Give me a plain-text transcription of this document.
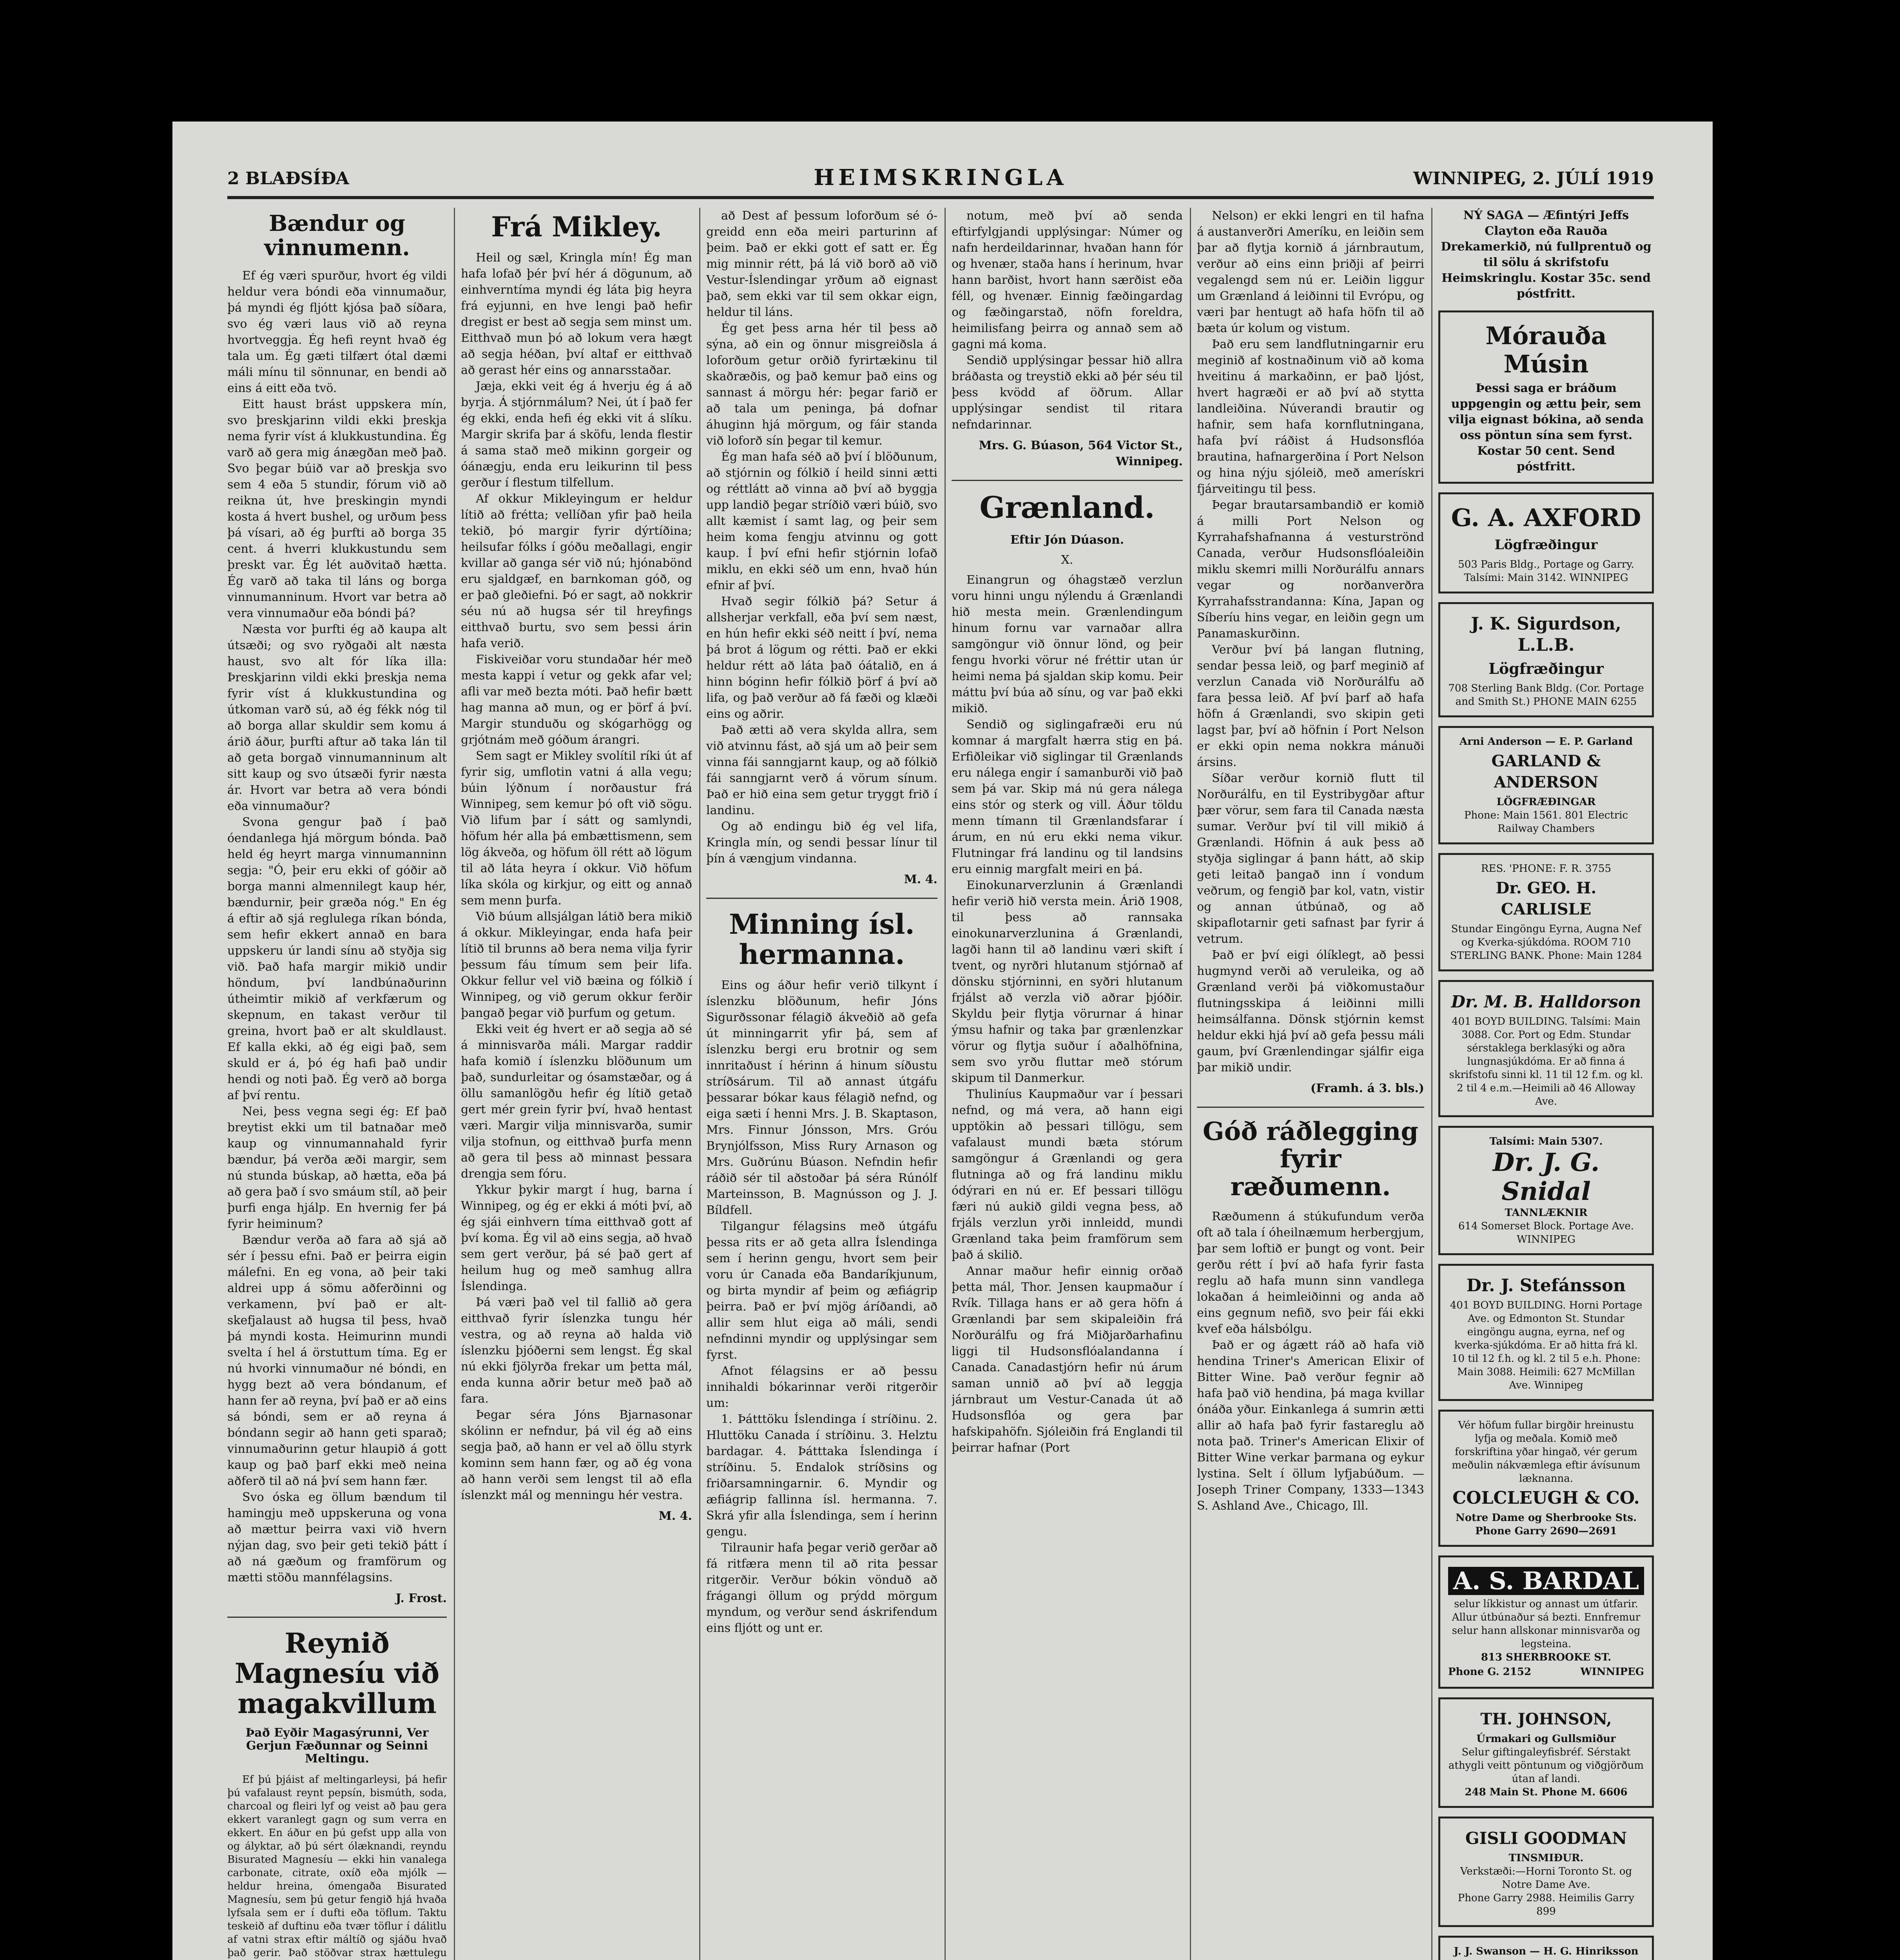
2 BLAÐSÍÐA	HEIMSKRINGLA	WINNIPEG, 2. JÚLÍ 1919
Bændur og vinnumenn.

Ef ég væri spurður, hvort ég vildi heldur vera bóndi eða vinnumaður, þá myndi ég fljótt kjósa það síðara, svo ég væri laus við að reyna hvortveggja. Ég hefi reynt hvað ég tala um. Ég gæti tilfært ótal dæmi máli mínu til sönnunar, en bendi að eins á eitt eða tvö.

Eitt haust brást uppskera mín, svo þreskjarinn vildi ekki þreskja nema fyrir víst á klukkustundina. Ég varð að gera mig ánægðan með það. Svo þegar búið var að þreskja svo sem 4 eða 5 stundir, fórum við að reikna út, hve þreskingin myndi kosta á hvert bushel, og urðum þess þá vísari, að ég þurfti að borga 35 cent. á hverri klukkustundu sem þreskt var. Ég lét auðvitað hætta. Ég varð að taka til láns og borga vinnumanninum. Hvort var betra að vera vinnumaður eða bóndi þá?

Næsta vor þurfti ég að kaupa alt útsæði; og svo ryðgaði alt næsta haust, svo alt fór líka illa: Þreskjarinn vildi ekki þreskja nema fyrir víst á klukkustundina og útkoman varð sú, að ég fékk nóg til að borga allar skuldir sem komu á árið áður, þurfti aftur að taka lán til að geta borgað vinnumanninum alt sitt kaup og svo útsæði fyrir næsta ár. Hvort var betra að vera bóndi eða vinnumaður?

Svona gengur það í það óendanlega hjá mörgum bónda. Það held ég heyrt marga vinnumanninn segja: "Ó, þeir eru ekki of góðir að borga manni almennilegt kaup hér, bændurnir, þeir græða nóg." En ég á eftir að sjá reglulega ríkan bónda, sem hefir ekkert annað en bara uppskeru úr landi sínu að styðja sig við. Það hafa margir mikið undir höndum, því landbúnaðurinn útheimtir mikið af verkfærum og skepnum, en takast verður til greina, hvort það er alt skuldlaust. Ef kalla ekki, að ég eigi það, sem skuld er á, þó ég hafi það undir hendi og noti það. Ég verð að borga af því rentu.

Nei, þess vegna segi ég: Ef það breytist ekki um til batnaðar með kaup og vinnumannahald fyrir bændur, þá verða æði margir, sem nú stunda búskap, að hætta, eða þá að gera það í svo smáum stíl, að þeir þurfi enga hjálp. En hvernig fer þá fyrir heiminum?

Bændur verða að fara að sjá að sér í þessu efni. Það er þeirra eigin málefni. En eg vona, að þeir taki aldrei upp á sömu aðferðinni og verkamenn, því það er alt-skefjalaust að hugsa til þess, hvað þá myndi kosta. Heimurinn mundi svelta í hel á örstuttum tíma. Eg er nú hvorki vinnumaður né bóndi, en hygg bezt að vera bóndanum, ef hann fer að reyna, því það er að eins sá bóndi, sem er að reyna á bóndann segir að hann geti sparað; vinnumaðurinn getur hlaupið á gott kaup og það þarf ekki með neina aðferð til að ná því sem hann fær.

Svo óska eg öllum bændum til hamingju með uppskeruna og vona að mættur þeirra vaxi við hvern nýjan dag, svo þeir geti tekið þátt í að ná gæðum og framförum og mætti stöðu mannfélagsins.

J. Frost.
Reynið Magnesíu við magakvillum
Það Eyðir Magasýrunni, Ver Gerjun Fæðunnar og Seinni Meltingu.

Ef þú þjáist af meltingarleysi, þá hefir þú vafalaust reynt pepsín, bismúth, soda, charcoal og fleiri lyf og veist að þau gera ekkert varanlegt gagn og sum verra en ekkert. En áður en þú gefst upp alla von og ályktar, að þú sért ólæknandi, reyndu Bisurated Magnesíu — ekki hin vanalega carbonate, citrate, oxíð eða mjólk — heldur hreina, ómengaða Bisurated Magnesíu, sem þú getur fengið hjá hvaða lyfsala sem er í dufti eða töflum. Taktu teskeið af duftinu eða tvær töflur í dálitlu af vatni strax eftir máltíð og sjáðu hvað það gerir. Það stöðvar strax hættulegu

Frá Mikley.

Heil og sæl, Kringla mín! Ég man hafa lofað þér því hér á dögunum, að einhverntíma myndi ég láta þig heyra frá eyjunni, en hve lengi það hefir dregist er best að segja sem minst um. Eitthvað mun þó að lokum vera hægt að segja héðan, því altaf er eitthvað að gerast hér eins og annarsstaðar.

Jæja, ekki veit ég á hverju ég á að byrja. Á stjórnmálum? Nei, út í það fer ég ekki, enda hefi ég ekki vit á slíku. Margir skrifa þar á sköfu, lenda flestir á sama stað með mikinn gorgeir og óánægju, enda eru leikurinn til þess gerður í flestum tilfellum.

Af okkur Mikleyingum er heldur lítið að frétta; vellíðan yfir það heila tekið, þó margir fyrir dýrtíðina; heilsufar fólks í góðu meðallagi, engir kvillar að ganga sér við nú; hjónabönd eru sjaldgæf, en barnkoman góð, og er það gleðiefni. Þó er sagt, að nokkrir séu nú að hugsa sér til hreyfings eitthvað burtu, svo sem þessi árin hafa verið.

Fiskiveiðar voru stundaðar hér með mesta kappi í vetur og gekk afar vel; afli var með bezta móti. Það hefir bætt hag manna að mun, og er þörf á því. Margir stunduðu og skógarhögg og grjótnám með góðum árangri.

Sem sagt er Mikley svolítil ríki út af fyrir sig, umflotin vatni á alla vegu; búin lýðnum í norðaustur frá Winnipeg, sem kemur þó oft við sögu. Við lifum þar í sátt og samlyndi, höfum hér alla þá embættismenn, sem lög ákveða, og höfum öll rétt að lögum til að láta heyra í okkur. Við höfum líka skóla og kirkjur, og eitt og annað sem menn þurfa.

Við búum allsjálgan látið bera mikið á okkur. Mikleyingar, enda hafa þeir lítið til brunns að bera nema vilja fyrir þessum fáu tímum sem þeir lifa. Okkur fellur vel við bæina og fólkið í Winnipeg, og við gerum okkur ferðir þangað þegar við þurfum og getum.

Ekki veit ég hvert er að segja að sé á minnisvarða máli. Margar raddir hafa komið í íslenzku blöðunum um það, sundurleitar og ósamstæðar, og á öllu samanlögðu hefir ég lítið getað gert mér grein fyrir því, hvað hentast væri. Margir vilja minnisvarða, sumir vilja stofnun, og eitthvað þurfa menn að gera til þess að minnast þessara drengja sem fóru.

Ykkur þykir margt í hug, barna í Winnipeg, og ég er ekki á móti því, að ég sjái einhvern tíma eitthvað gott af því koma. Ég vil að eins segja, að hvað sem gert verður, þá sé það gert af heilum hug og með samhug allra Íslendinga.

Þá væri það vel til fallið að gera eitthvað fyrir íslenzka tungu hér vestra, og að reyna að halda við íslenzku þjóðerni sem lengst. Ég skal nú ekki fjölyrða frekar um þetta mál, enda kunna aðrir betur með það að fara.

Þegar séra Jóns Bjarnasonar skólinn er nefndur, þá vil ég að eins segja það, að hann er vel að öllu styrk kominn sem hann fær, og að ég vona að hann verði sem lengst til að efla íslenzkt mál og menningu hér vestra.

M. 4.

að Dest af þessum loforðum sé ó-greidd enn eða meiri parturinn af þeim. Það er ekki gott ef satt er. Ég mig minnir rétt, þá lá við borð að við Vestur-Íslendingar yrðum að eignast það, sem ekki var til sem okkar eign, heldur til láns.

Ég get þess arna hér til þess að sýna, að ein og önnur misgreiðsla á loforðum getur orðið fyrirtækinu til skaðræðis, og það kemur það eins og sannast á mörgu hér: þegar farið er að tala um peninga, þá dofnar áhuginn hjá mörgum, og fáir standa við loforð sín þegar til kemur.

Ég man hafa séð að því í blöðunum, að stjórnin og fólkið í heild sinni ætti og réttlátt að vinna að því að byggja upp landið þegar stríðið væri búið, svo allt kæmist í samt lag, og þeir sem heim koma fengju atvinnu og gott kaup. Í því efni hefir stjórnin lofað miklu, en ekki séð um enn, hvað hún efnir af því.

Hvað segir fólkið þá? Setur á allsherjar verkfall, eða því sem næst, en hún hefir ekki séð neitt í því, nema þá brot á lögum og rétti. Það er ekki heldur rétt að láta það óátalið, en á hinn bóginn hefir fólkið þörf á því að lifa, og það verður að fá fæði og klæði eins og aðrir.

Það ætti að vera skylda allra, sem við atvinnu fást, að sjá um að þeir sem vinna fái sanngjarnt kaup, og að fólkið fái sanngjarnt verð á vörum sínum. Það er hið eina sem getur tryggt frið í landinu.

Og að endingu bið ég vel lifa, Kringla mín, og sendi þessar línur til þín á vængjum vindanna.

M. 4.
Minning ísl. hermanna.

Eins og áður hefir verið tilkynt í íslenzku blöðunum, hefir Jóns Sigurðssonar félagið ákveðið að gefa út minningarrit yfir þá, sem af íslenzku bergi eru brotnir og sem innritaðust í hérinn á hinum síðustu stríðsárum. Til að annast útgáfu þessarar bókar kaus félagið nefnd, og eiga sæti í henni Mrs. J. B. Skaptason, Mrs. Finnur Jónsson, Mrs. Gróu Brynjólfsson, Miss Rury Arnason og Mrs. Guðrúnu Búason. Nefndin hefir ráðið sér til aðstoðar þá séra Rúnólf Marteinsson, B. Magnússon og J. J. Bíldfell.

Tilgangur félagsins með útgáfu þessa rits er að geta allra Íslendinga sem í herinn gengu, hvort sem þeir voru úr Canada eða Bandaríkjunum, og birta myndir af þeim og æfiágrip þeirra. Það er því mjög áríðandi, að allir sem hlut eiga að máli, sendi nefndinni myndir og upplýsingar sem fyrst.

Afnot félagsins er að þessu innihaldi bókarinnar verði ritgerðir um:

1. Þátttöku Íslendinga í stríðinu. 2. Hluttöku Canada í stríðinu. 3. Helztu bardagar. 4. Þátttaka Íslendinga í stríðinu. 5. Endalok stríðsins og friðarsamningarnir. 6. Myndir og æfiágrip fallinna ísl. hermanna. 7. Skrá yfir alla Íslendinga, sem í herinn gengu.

Tilraunir hafa þegar verið gerðar að fá ritfæra menn til að rita þessar ritgerðir. Verður bókin vönduð að frágangi öllum og prýdd mörgum myndum, og verður send áskrifendum eins fljótt og unt er.

notum, með því að senda eftirfylgjandi upplýsingar: Númer og nafn herdeildarinnar, hvaðan hann fór og hvenær, staða hans í herinum, hvar hann barðist, hvort hann særðist eða féll, og hvenær. Einnig fæðingardag og fæðingarstað, nöfn foreldra, heimilisfang þeirra og annað sem að gagni má koma.

Sendið upplýsingar þessar hið allra bráðasta og treystið ekki að þér séu til þess kvödd af öðrum. Allar upplýsingar sendist til ritara nefndarinnar.

Mrs. G. Búason, 564 Victor St., Winnipeg.
Grænland.
Eftir Jón Dúason.
X.

Einangrun og óhagstæð verzlun voru hinni ungu nýlendu á Grænlandi hið mesta mein. Grænlendingum hinum fornu var varnaðar allra samgöngur við önnur lönd, og þeir fengu hvorki vörur né fréttir utan úr heimi nema þá sjaldan skip komu. Þeir máttu því búa að sínu, og var það ekki mikið.

Sendið og siglingafræði eru nú komnar á margfalt hærra stig en þá. Erfiðleikar við siglingar til Grænlands eru nálega engir í samanburði við það sem þá var. Skip má nú gera nálega eins stór og sterk og vill. Áður töldu menn tímann til Grænlandsfarar í árum, en nú eru ekki nema vikur. Flutningar frá landinu og til landsins eru einnig margfalt meiri en þá.

Einokunarverzlunin á Grænlandi hefir verið hið versta mein. Árið 1908, til þess að rannsaka einokunarverzlunina á Grænlandi, lagði hann til að landinu væri skift í tvent, og nyrðri hlutanum stjórnað af dönsku stjórninni, en syðri hlutanum frjálst að verzla við aðrar þjóðir. Skyldu þeir flytja vörurnar á hinar ýmsu hafnir og taka þar grænlenzkar vörur og flytja suður í aðalhöfnina, sem svo yrðu fluttar með stórum skipum til Danmerkur.

Thuliníus Kaupmaður var í þessari nefnd, og má vera, að hann eigi upptökin að þessari tillögu, sem vafalaust mundi bæta stórum samgöngur á Grænlandi og gera flutninga að og frá landinu miklu ódýrari en nú er. Ef þessari tillögu færi nú aukið gildi vegna þess, að frjáls verzlun yrði innleidd, mundi Grænland taka þeim framförum sem það á skilið.

Annar maður hefir einnig orðað þetta mál, Thor. Jensen kaupmaður í Rvík. Tillaga hans er að gera höfn á Grænlandi þar sem skipaleiðin frá Norðurálfu og frá Miðjarðarhafinu liggi til Hudsonsflóalandanna í Canada. Canadastjórn hefir nú árum saman unnið að því að leggja járnbraut um Vestur-Canada út að Hudsonsflóa og gera þar hafskipahöfn. Sjóleiðin frá Englandi til þeirrar hafnar (Port

Nelson) er ekki lengri en til hafna á austanverðri Ameríku, en leiðin sem þar að flytja kornið á járnbrautum, verður að eins einn þriðji af þeirri vegalengd sem nú er. Leiðin liggur um Grænland á leiðinni til Evrópu, og væri þar hentugt að hafa höfn til að bæta úr kolum og vistum.

Það eru sem landflutningarnir eru meginið af kostnaðinum við að koma hveitinu á markaðinn, er það ljóst, hvert hagræði er að því að stytta landleiðina. Núverandi brautir og hafnir, sem hafa kornflutningana, hafa því ráðist á Hudsonsflóa brautina, hafnargerðina í Port Nelson og hina nýju sjóleið, með amerískri fjárveitingu til þess.

Þegar brautarsambandið er komið á milli Port Nelson og Kyrrahafshafnanna á vesturströnd Canada, verður Hudsonsflóaleiðin miklu skemri milli Norðurálfu annars vegar og norðanverðra Kyrrahafsstrandanna: Kína, Japan og Síberíu hins vegar, en leiðin gegn um Panamaskurðinn.

Verður því þá langan flutning, sendar þessa leið, og þarf meginið af verzlun Canada við Norðurálfu að fara þessa leið. Af því þarf að hafa höfn á Grænlandi, svo skipin geti lagst þar, því að höfnin í Port Nelson er ekki opin nema nokkra mánuði ársins.

Síðar verður kornið flutt til Norðurálfu, en til Eystribygðar aftur þær vörur, sem fara til Canada næsta sumar. Verður því til vill mikið á Grænlandi. Höfnin á auk þess að styðja siglingar á þann hátt, að skip geti leitað þangað inn í vondum veðrum, og fengið þar kol, vatn, vistir og annan útbúnað, og að skipaflotarnir geti safnast þar fyrir á vetrum.

Það er því eigi ólíklegt, að þessi hugmynd verði að veruleika, og að Grænland verði þá viðkomustaður flutningsskipa á leiðinni milli heimsálfanna. Dönsk stjórnin kemst heldur ekki hjá því að gefa þessu máli gaum, því Grænlendingar sjálfir eiga þar mikið undir.

(Framh. á 3. bls.)
Góð ráðlegging fyrir ræðumenn.

Ræðumenn á stúkufundum verða oft að tala í óheilnæmum herbergjum, þar sem loftið er þungt og vont. Þeir gerðu rétt í því að hafa fyrir fasta reglu að hafa munn sinn vandlega lokaðan á heimleiðinni og anda að eins gegnum nefið, svo þeir fái ekki kvef eða hálsbólgu.

Það er og ágætt ráð að hafa við hendina Triner's American Elixir of Bitter Wine. Það verður fegnir að hafa það við hendina, þá maga kvillar ónáða yður. Einkanlega á sumrin ætti allir að hafa það fyrir fastareglu að nota það. Triner's American Elixir of Bitter Wine verkar þarmana og eykur lystina. Selt í öllum lyfjabúðum. — Joseph Triner Company, 1333—1343 S. Ashland Ave., Chicago, Ill.

NÝ SAGA — Æfintýri Jeffs Clayton eða Rauða Drekamerkið, nú fullprentuð og til sölu á skrifstofu Heimskringlu. Kostar 35c. send póstfritt.

Mórauða Músin
Þessi saga er bráðum uppgengin og ættu þeir, sem vilja eignast bókina, að senda oss pöntun sína sem fyrst. Kostar 50 cent. Send póstfritt.
G. A. AXFORD
Lögfræðingur
503 Paris Bldg., Portage og Garry. Talsími: Main 3142. WINNIPEG
J. K. Sigurdson, L.L.B.
Lögfræðingur
708 Sterling Bank Bldg. (Cor. Portage and Smith St.) PHONE MAIN 6255
Arni Anderson — E. P. Garland
GARLAND & ANDERSON
LÖGFRÆÐINGAR
Phone: Main 1561. 801 Electric Railway Chambers
RES. 'PHONE: F. R. 3755
Dr. GEO. H. CARLISLE
Stundar Eingöngu Eyrna, Augna Nef og Kverka-sjúkdóma. ROOM 710 STERLING BANK. Phone: Main 1284
Dr. M. B. Halldorson
401 BOYD BUILDING. Talsími: Main 3088. Cor. Port og Edm. Stundar sérstaklega berklasýki og aðra lungnasjúkdóma. Er að finna á skrifstofu sinni kl. 11 til 12 f.m. og kl. 2 til 4 e.m.—Heimili að 46 Alloway Ave.
Talsími: Main 5307.
Dr. J. G. Snidal
TANNLÆKNIR
614 Somerset Block. Portage Ave. WINNIPEG
Dr. J. Stefánsson
401 BOYD BUILDING. Horni Portage Ave. og Edmonton St. Stundar eingöngu augna, eyrna, nef og kverka-sjúkdóma. Er að hitta frá kl. 10 til 12 f.h. og kl. 2 til 5 e.h. Phone: Main 3088. Heimili: 627 McMillan Ave. Winnipeg
Vér höfum fullar birgðir hreinustu lyfja og meðala. Komið með forskriftina yðar hingað, vér gerum meðulin nákvæmlega eftir ávísunum læknanna.
COLCLEUGH & CO.
Notre Dame og Sherbrooke Sts. Phone Garry 2690—2691
A. S. BARDAL
selur líkkistur og annast um útfarir. Allur útbúnaður sá bezti. Ennfremur selur hann allskonar minnisvarða og legsteina.
813 SHERBROOKE ST.
Phone G. 2152	WINNIPEG
TH. JOHNSON,
Úrmakari og Gullsmiður
Selur giftingaleyfisbréf. Sérstakt athygli veitt pöntunum og viðgjörðum útan af landi.
248 Main St. Phone M. 6606
GISLI GOODMAN
TINSMIÐUR.
Verkstæði:—Horni Toronto St. og Notre Dame Ave.
Phone Garry 2988. Heimilis Garry 899
J. J. Swanson — H. G. Hinriksson
